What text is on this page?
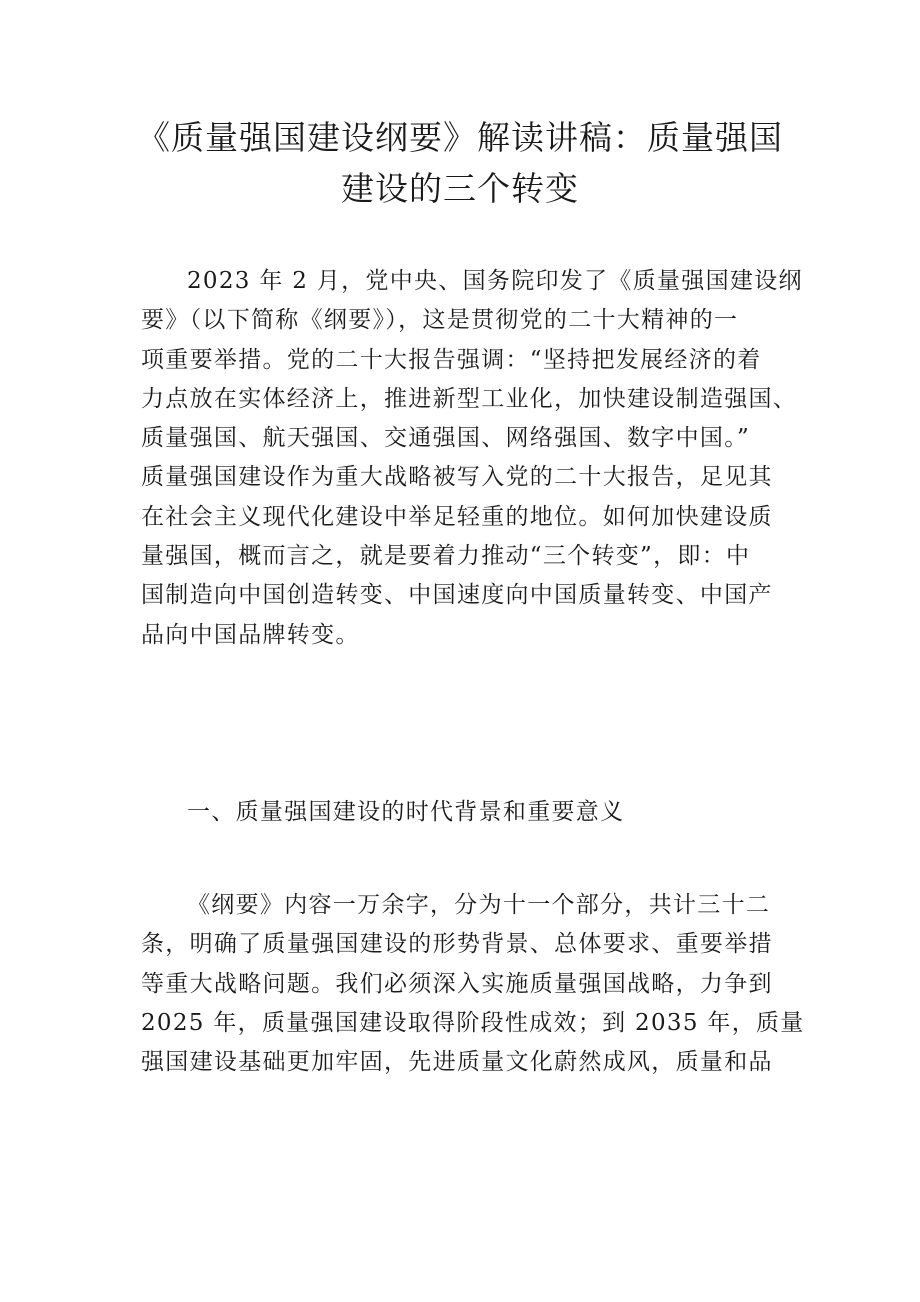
《质量强国建设纲要》解读讲稿：质量强国
建设的三个转变
2023 年 2 月，党中央、国务院印发了《质量强国建设纲
要》（以下简称《纲要》），这是贯彻党的二十大精神的一
项重要举措。党的二十大报告强调：“坚持把发展经济的着
力点放在实体经济上，推进新型工业化，加快建设制造强国、
质量强国、航天强国、交通强国、网络强国、数字中国。”
质量强国建设作为重大战略被写入党的二十大报告，足见其
在社会主义现代化建设中举足轻重的地位。如何加快建设质
量强国，概而言之，就是要着力推动“三个转变”，即：中
国制造向中国创造转变、中国速度向中国质量转变、中国产
品向中国品牌转变。
一、质量强国建设的时代背景和重要意义
《纲要》内容一万余字，分为十一个部分，共计三十二
条，明确了质量强国建设的形势背景、总体要求、重要举措
等重大战略问题。我们必须深入实施质量强国战略，力争到
2025 年，质量强国建设取得阶段性成效；到 2035 年，质量
强国建设基础更加牢固，先进质量文化蔚然成风，质量和品
